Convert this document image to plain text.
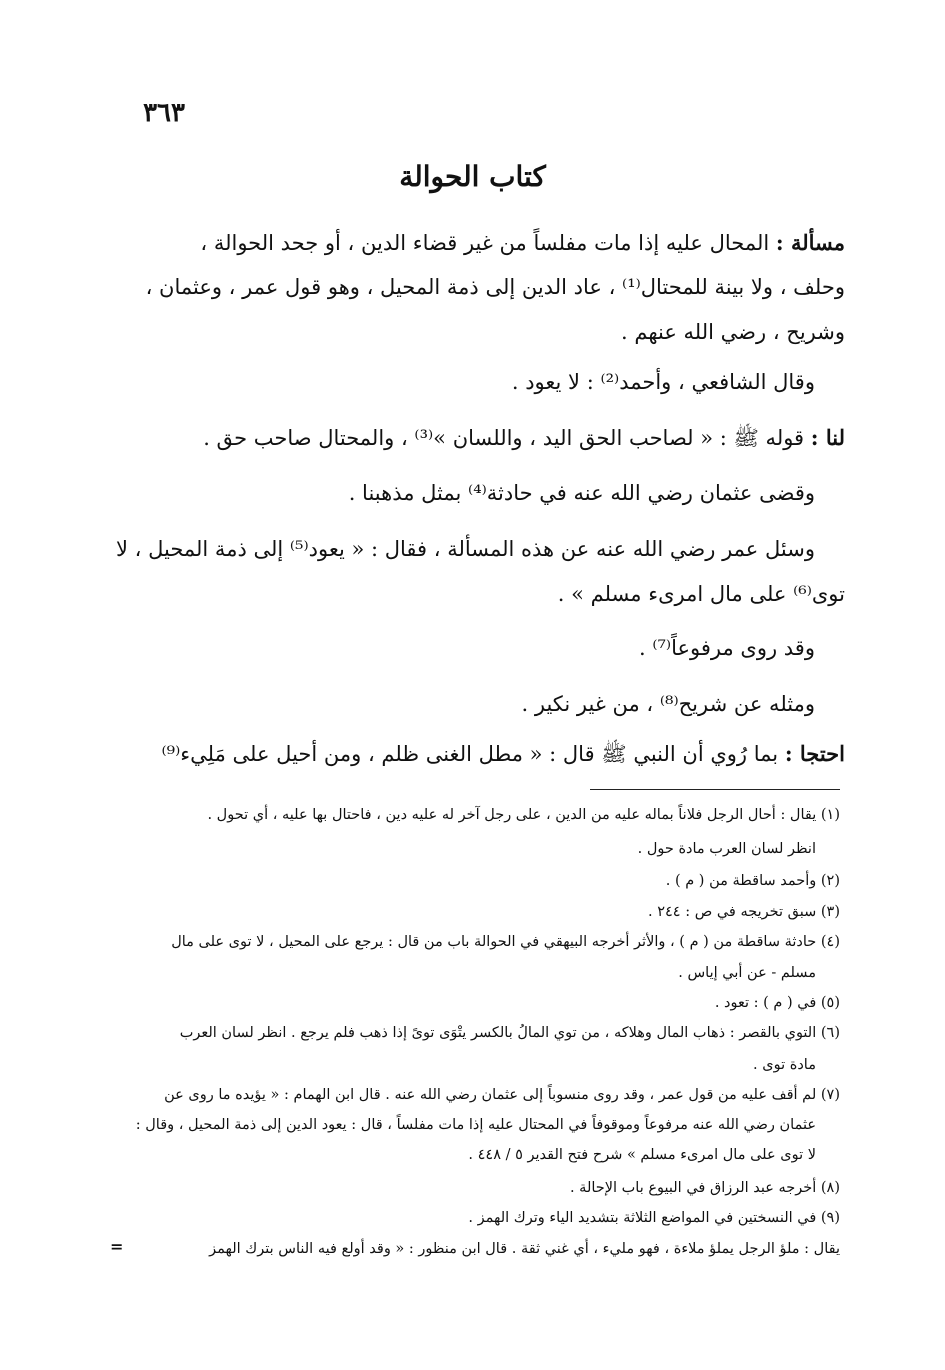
٣٦٣
كتاب الحوالة
مسألة : المحال عليه إذا مات مفلساً من غير قضاء الدين ، أو جحد الحوالة ،
وحلف ، ولا بينة للمحتال⁽¹⁾ ، عاد الدين إلى ذمة المحيل ، وهو قول عمر ، وعثمان ،
وشريح ، رضي الله عنهم .
وقال الشافعي ، وأحمد⁽²⁾ : لا يعود .
لنا : قوله ﷺ : « لصاحب الحق اليد ، واللسان »⁽³⁾ ، والمحتال صاحب حق .
وقضى عثمان رضي الله عنه في حادثة⁽⁴⁾ بمثل مذهبنا .
وسئل عمر رضي الله عنه عن هذه المسألة ، فقال : « يعود⁽⁵⁾ إلى ذمة المحيل ، لا
توى⁽⁶⁾ على مال امرىء مسلم » .
وقد روى مرفوعاً⁽⁷⁾ .
ومثله عن شريح⁽⁸⁾ ، من غير نكير .
احتجا : بما رُوي أن النبي ﷺ قال : « مطل الغنى ظلم ، ومن أحيل على مَلِيء⁽⁹⁾
(١) يقال : أحال الرجل فلاناً بماله عليه من الدين ، على رجل آخر له عليه دين ، فاحتال بها عليه ، أي تحول .
انظر لسان العرب مادة حول .
(٢) وأحمد ساقطة من ( م ) .
(٣) سبق تخريجه في ص : ٢٤٤ .
(٤) حادثة ساقطة من ( م ) ، والأثر أخرجه البيهقي في الحوالة باب من قال : يرجع على المحيل ، لا توى على مال
مسلم - عن أبي إياس .
(٥) في ( م ) : تعود .
(٦) التوي بالقصر : ذهاب المال وهلاكه ، من توي المالُ بالكسر يتْوَى توىً إذا ذهب فلم يرجع . انظر لسان العرب
مادة توى .
(٧) لم أقف عليه من قول عمر ، وقد روى منسوباً إلى عثمان رضي الله عنه . قال ابن الهمام : « يؤيده ما روى عن
عثمان رضي الله عنه مرفوعاً وموقوفاً في المحتال عليه إذا مات مفلساً ، قال : يعود الدين إلى ذمة المحيل ، وقال :
لا توى على مال امرىء مسلم » شرح فتح القدير ٥ / ٤٤٨ .
(٨) أخرجه عبد الرزاق في البيوع باب الإحالة .
(٩) في النسختين في المواضع الثلاثة بتشديد الياء وترك الهمز .
يقال : ملؤ الرجل يملؤ ملاءة ، فهو مليء ، أي غني ثقة . قال ابن منظور : « وقد أولع فيه الناس بترك الهمز
=
